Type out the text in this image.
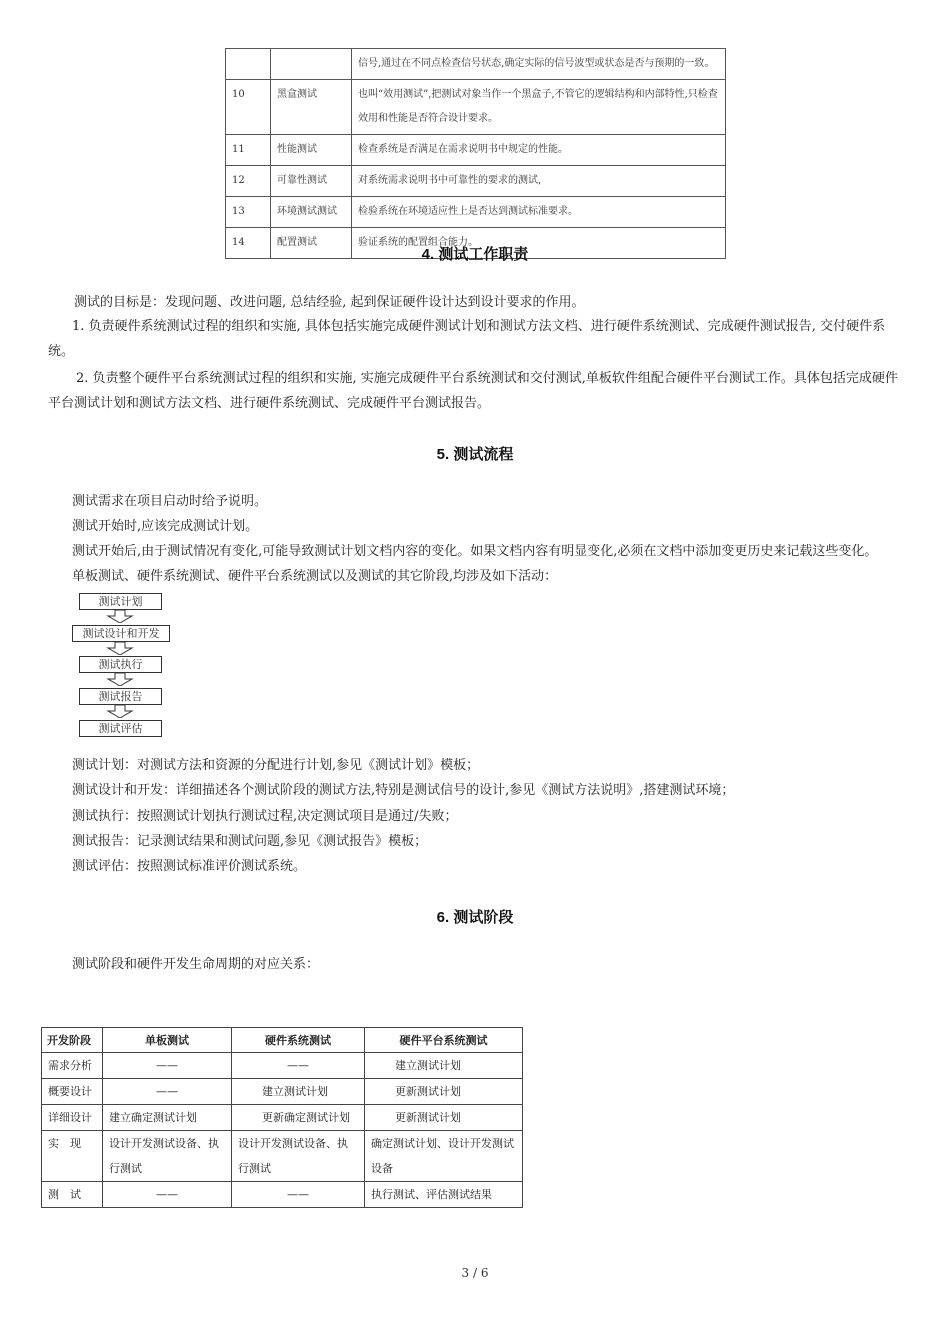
		信号,通过在不同点检查信号状态,确定实际的信号波型或状态是否与预期的一致。
10	黑盒测试	也叫“效用测试”,把测试对象当作一个黑盒子,不管它的逻辑结构和内部特性,只检查效用和性能是否符合设计要求。
11	性能测试	检查系统是否满足在需求说明书中规定的性能。
12	可靠性测试	对系统需求说明书中可靠性的要求的测试,
13	环境测试测试	检验系统在环境适应性上是否达到测试标准要求。
14	配置测试	验证系统的配置组合能力。
4. 测试工作职责

测试的目标是：发现问题、改进问题, 总结经验, 起到保证硬件设计达到设计要求的作用。

1. 负责硬件系统测试过程的组织和实施, 具体包括实施完成硬件测试计划和测试方法文档、进行硬件系统测试、完成硬件测试报告, 交付硬件系统。

2. 负责整个硬件平台系统测试过程的组织和实施, 实施完成硬件平台系统测试和交付测试,单板软件组配合硬件平台测试工作。具体包括完成硬件平台测试计划和测试方法文档、进行硬件系统测试、完成硬件平台测试报告。

5. 测试流程

测试需求在项目启动时给予说明。

测试开始时,应该完成测试计划。

测试开始后,由于测试情况有变化,可能导致测试计划文档内容的变化。如果文档内容有明显变化,必须在文档中添加变更历史来记载这些变化。

单板测试、硬件系统测试、硬件平台系统测试以及测试的其它阶段,均涉及如下活动：

测试计划
测试设计和开发
测试执行
测试报告
测试评估

测试计划：对测试方法和资源的分配进行计划,参见《测试计划》模板；

测试设计和开发：详细描述各个测试阶段的测试方法,特别是测试信号的设计,参见《测试方法说明》,搭建测试环境；

测试执行：按照测试计划执行测试过程,决定测试项目是通过/失败；

测试报告：记录测试结果和测试问题,参见《测试报告》模板；

测试评估：按照测试标准评价测试系统。

6. 测试阶段

测试阶段和硬件开发生命周期的对应关系：

开发阶段	单板测试	硬件系统测试	硬件平台系统测试
需求分析	——	——	建立测试计划
概要设计	——	建立测试计划	更新测试计划
详细设计	建立确定测试计划	更新确定测试计划	更新测试计划
实　现	设计开发测试设备、执行测试	设计开发测试设备、执行测试	确定测试计划、设计开发测试设备
测　试	——	——	执行测试、评估测试结果
3 / 6
